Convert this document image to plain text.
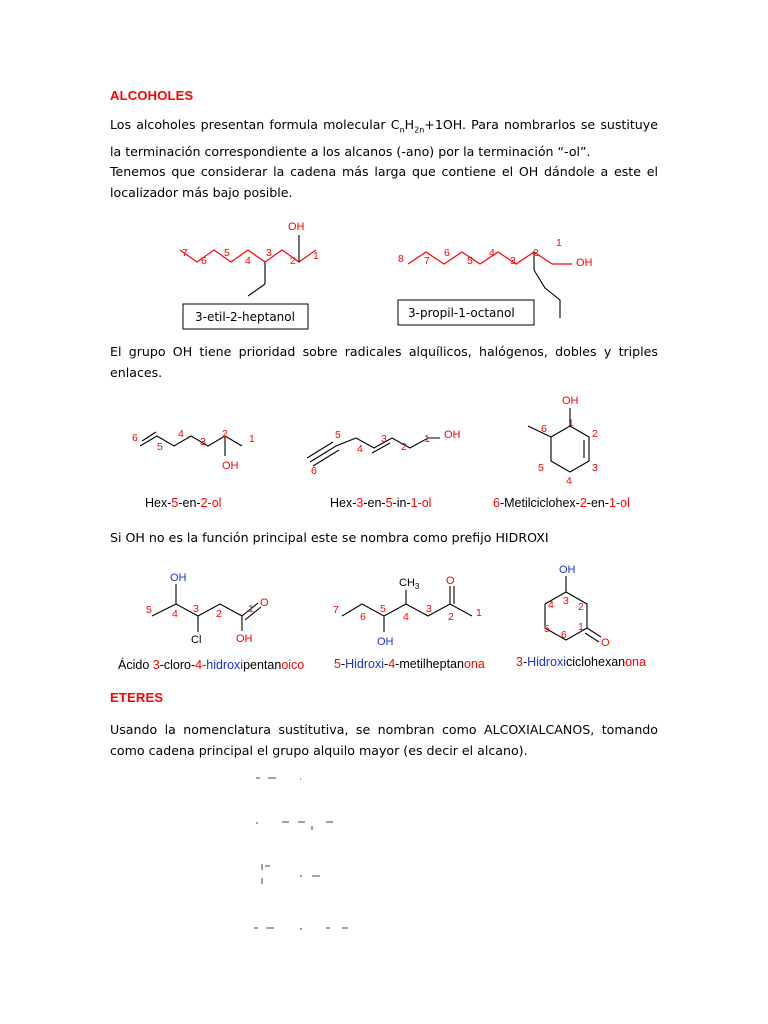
ALCOHOLES
Los alcoholes presentan formula molecular $C_nH_{2n}+1OH$. Para nombrarlos se sustituye la terminación correspondiente a los alcanos (-ano) por la terminación “-ol”.
Tenemos que considerar la cadena más larga que contiene el OH dándole a este el localizador más bajo posible.
El grupo OH tiene prioridad sobre radicales alquílicos, halógenos, dobles y triples enlaces.
Si OH no es la función principal este se nombra como prefijo HIDROXI
ETERES
Usando la nomenclatura sustitutiva, se nombran como ALCOXIALCANOS, tomando como cadena principal el grupo alquilo mayor (es decir el alcano).
OH
7
6
5
4
3
2 1
3-etil-2-heptanol
OH
8 7
6
5
4
3
2
1
3-propil-1-octanol
OH
6
5
4
3
2 1
Hex-5-en-2-ol
OH
5
6
4
3
2
1
Hex-3-en-5-in-1-ol
OH
1
6	2
3
4
5
6-Metilciclohex-2-en-1-ol
OH
O
OH
Cl
5 4 3 2 1
Ácido 3-cloro-4-hidroxipentanoico
$CH_3$ O
OH
7
6
5
4
3
2 1
5-Hidroxi-4-metilheptanona
OH
O
4 3 2
5	1
6
3-Hidroxiciclohexanona
